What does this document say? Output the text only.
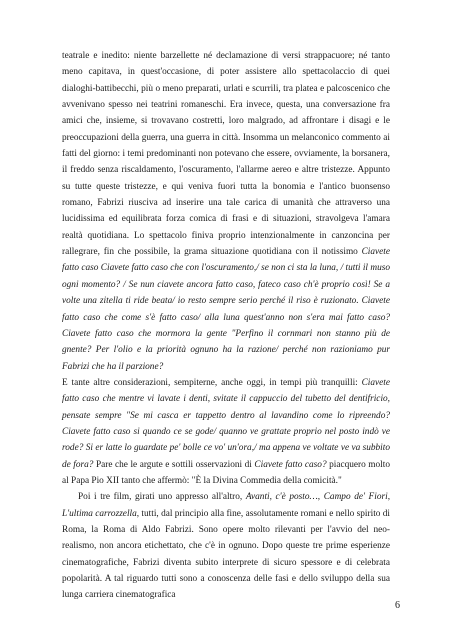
teatrale e inedito: niente barzellette né declamazione di versi strappacuore; né tanto meno capitava, in quest'occasione, di poter assistere allo spettacolaccio di quei dialoghi-battibecchi, più o meno preparati, urlati e scurrili, tra platea e palcoscenico che avvenivano spesso nei teatrini romaneschi. Era invece, questa, una conversazione fra amici che, insieme, si trovavano costretti, loro malgrado, ad affrontare i disagi e le preoccupazioni della guerra, una guerra in città. Insomma un melanconico commento ai fatti del giorno: i temi predominanti non potevano che essere, ovviamente, la borsanera, il freddo senza riscaldamento, l'oscuramento, l'allarme aereo e altre tristezze. Appunto su tutte queste tristezze, e qui veniva fuori tutta la bonomia e l'antico buonsenso romano, Fabrizi riusciva ad inserire una tale carica di umanità che attraverso una lucidissima ed equilibrata forza comica di frasi e di situazioni, stravolgeva l'amara realtà quotidiana. Lo spettacolo finiva proprio intenzionalmente in canzoncina per rallegrare, fin che possibile, la grama situazione quotidiana con il notissimo Ciavete fatto caso Ciavete fatto caso che con l'oscuramento,/ se non ci sta la luna, / tutti il muso ogni momento? / Se nun ciavete ancora fatto caso, fateco caso ch'è proprio così! Se a volte una zitella ti ride beata/ io resto sempre serio perché il riso è ruzionato. Ciavete fatto caso che come s'è fatto caso/ alla luna quest'anno non s'era mai fatto caso? Ciavete fatto caso che mormora la gente "Perfino il cornmari non stanno più de gnente? Per l'olio e la priorità ognuno ha la razione/ perché non razioniamo pur Fabrizi che ha il parzione?

E tante altre considerazioni, sempiterne, anche oggi, in tempi più tranquilli: Ciavete fatto caso che mentre vi lavate i denti, svitate il cappuccio del tubetto del dentifricio, pensate sempre "Se mi casca er tappetto dentro al lavandino come lo ripreendo? Ciavete fatto caso si quando ce se gode/ quanno ve grattate proprio nel posto indò ve rode? Si er latte lo guardate pe' bolle ce vo' un'ora,/ ma appena ve voltate ve va subbito de fora? Pare che le argute e sottili osservazioni di Ciavete fatto caso? piacquero molto al Papa Pio XII tanto che affermò: "È la Divina Commedia della comicità."

Poi i tre film, girati uno appresso all'altro, Avanti, c'è posto…, Campo de' Fiori, L'ultima carrozzella, tutti, dal principio alla fine, assolutamente romani e nello spirito di Roma, la Roma di Aldo Fabrizi. Sono opere molto rilevanti per l'avvio del neo-realismo, non ancora etichettato, che c'è in ognuno. Dopo queste tre prime esperienze cinematografiche, Fabrizi diventa subito interprete di sicuro spessore e di celebrata popolarità. A tal riguardo tutti sono a conoscenza delle fasi e dello sviluppo della sua lunga carriera cinematografica

6
